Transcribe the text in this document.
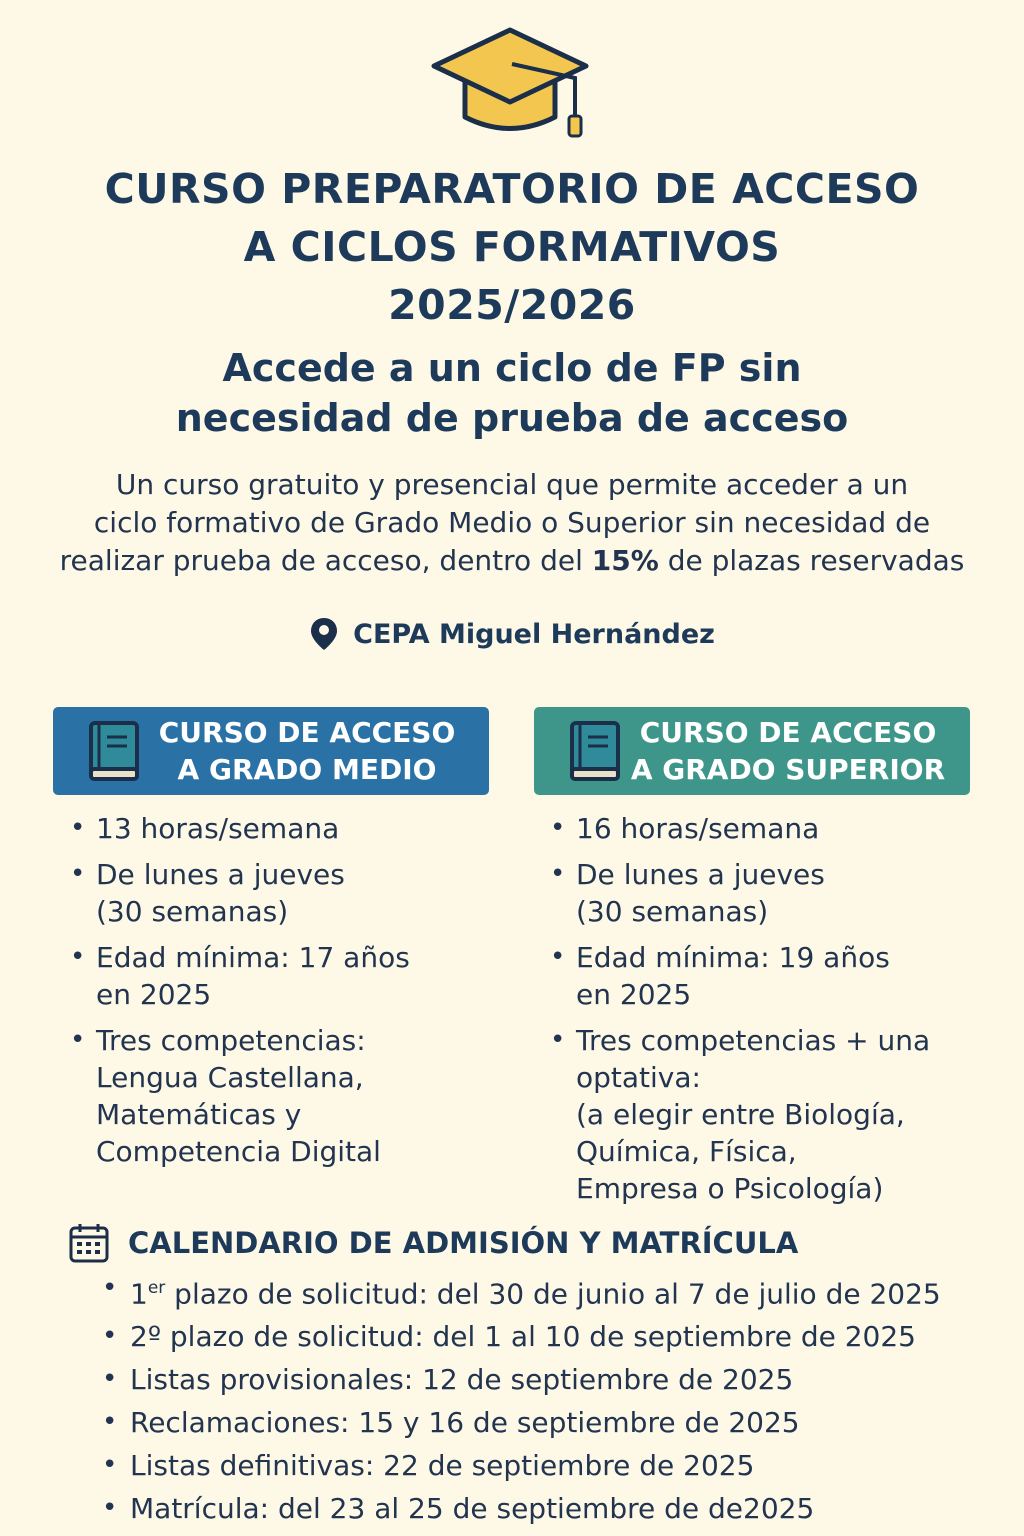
CURSO PREPARATORIO DE ACCESO
A CICLOS FORMATIVOS
2025/2026
Accede a un ciclo de FP sin
necesidad de prueba de acceso
Un curso gratuito y presencial que permite acceder a un
ciclo formativo de Grado Medio o Superior sin necesidad de
realizar prueba de acceso, dentro del 15% de plazas reservadas
CEPA Miguel Hernández
CURSO DE ACCESO
A GRADO MEDIO
CURSO DE ACCESO
A GRADO SUPERIOR
• 13 horas/semana
• De lunes a jueves
(30 semanas)
• Edad mínima: 17 años
en 2025
• Tres competencias:
Lengua Castellana,
Matemáticas y
Competencia Digital
• 16 horas/semana
• De lunes a jueves
(30 semanas)
• Edad mínima: 19 años
en 2025
• Tres competencias + una
optativa:
(a elegir entre Biología,
Química, Física,
Empresa o Psicología)
CALENDARIO DE ADMISIÓN Y MATRÍCULA
• 1er plazo de solicitud: del 30 de junio al 7 de julio de 2025
• 2º plazo de solicitud: del 1 al 10 de septiembre de 2025
• Listas provisionales: 12 de septiembre de 2025
• Reclamaciones: 15 y 16 de septiembre de 2025
• Listas definitivas: 22 de septiembre de 2025
• Matrícula: del 23 al 25 de septiembre de de2025
